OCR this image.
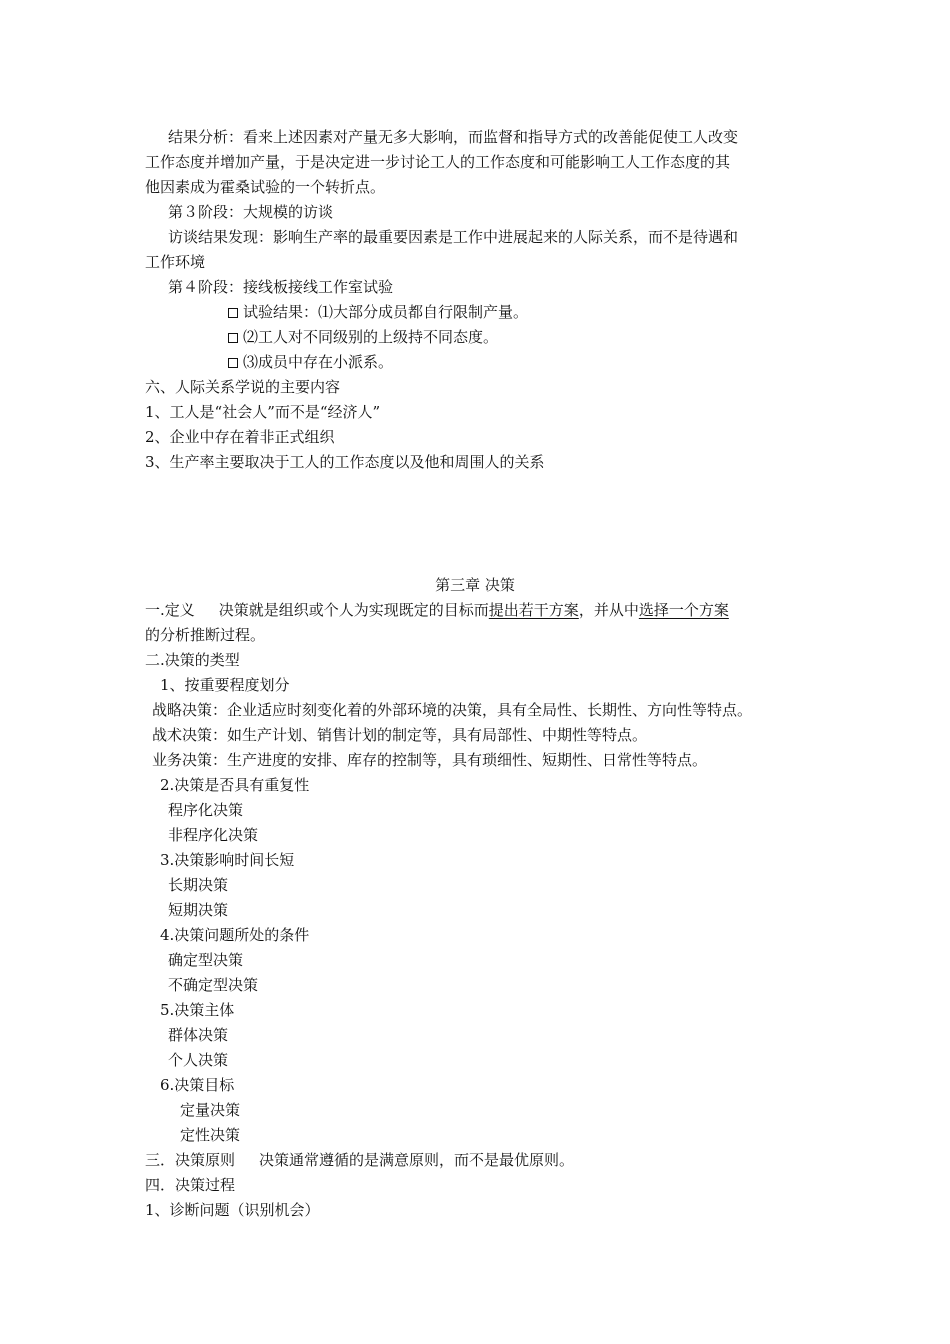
结果分析：看来上述因素对产量无多大影响，而监督和指导方式的改善能促使工人改变
工作态度并增加产量，于是决定进一步讨论工人的工作态度和可能影响工人工作态度的其
他因素成为霍桑试验的一个转折点。
第３阶段：大规模的访谈
访谈结果发现：影响生产率的最重要因素是工作中进展起来的人际关系，而不是待遇和
工作环境
第４阶段：接线板接线工作室试验
试验结果：⑴大部分成员都自行限制产量。
⑵工人对不同级别的上级持不同态度。
⑶成员中存在小派系。
六、人际关系学说的主要内容
1、工人是“社会人”而不是“经济人”
2、企业中存在着非正式组织
3、生产率主要取决于工人的工作态度以及他和周围人的关系
第三章 决策
一.定义 决策就是组织或个人为实现既定的目标而提出若干方案，并从中选择一个方案
的分析推断过程。
二.决策的类型
1、按重要程度划分
战略决策：企业适应时刻变化着的外部环境的决策，具有全局性、长期性、方向性等特点。
战术决策：如生产计划、销售计划的制定等，具有局部性、中期性等特点。
业务决策：生产进度的安排、库存的控制等，具有琐细性、短期性、日常性等特点。
2.决策是否具有重复性
程序化决策
非程序化决策
3.决策影响时间长短
长期决策
短期决策
4.决策问题所处的条件
确定型决策
不确定型决策
5.决策主体
群体决策
个人决策
6.决策目标
定量决策
定性决策
三．决策原则 决策通常遵循的是满意原则，而不是最优原则。
四．决策过程
1、诊断问题（识别机会）
